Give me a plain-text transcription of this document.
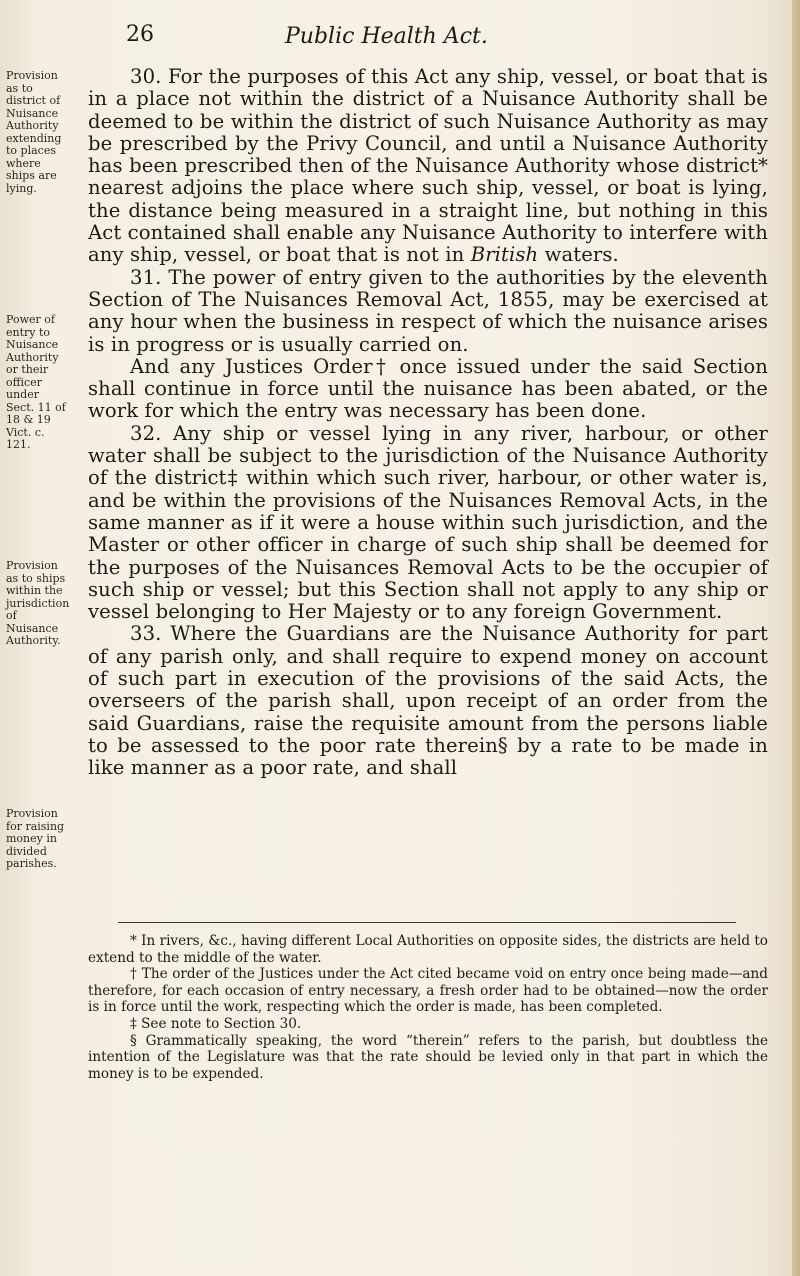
26	Public Health Act.
Provision as to district of Nuisance Authority extending to places where ships are lying.
Power of entry to Nuisance Authority or their officer under Sect. 11 of 18 & 19 Vict. c. 121.
Provision as to ships within the jurisdiction of Nuisance Authority.
Provision for raising money in divided parishes.

30. For the purposes of this Act any ship, vessel, or boat that is in a place not within the district of a Nuisance Authority shall be deemed to be within the district of such Nuisance Authority as may be prescribed by the Privy Council, and until a Nuisance Authority has been prescribed then of the Nuisance Authority whose district* nearest adjoins the place where such ship, vessel, or boat is lying, the distance being measured in a straight line, but nothing in this Act contained shall enable any Nuisance Authority to interfere with any ship, vessel, or boat that is not in British waters.

31. The power of entry given to the authorities by the eleventh Section of The Nuisances Removal Act, 1855, may be exercised at any hour when the business in respect of which the nuisance arises is in progress or is usually carried on.

And any Justices Order† once issued under the said Section shall continue in force until the nuisance has been abated, or the work for which the entry was necessary has been done.

32. Any ship or vessel lying in any river, harbour, or other water shall be subject to the jurisdiction of the Nuisance Authority of the district‡ within which such river, harbour, or other water is, and be within the provisions of the Nuisances Removal Acts, in the same manner as if it were a house within such jurisdiction, and the Master or other officer in charge of such ship shall be deemed for the purposes of the Nuisances Removal Acts to be the occupier of such ship or vessel; but this Section shall not apply to any ship or vessel belonging to Her Majesty or to any foreign Government.

33. Where the Guardians are the Nuisance Authority for part of any parish only, and shall require to expend money on account of such part in execution of the provisions of the said Acts, the overseers of the parish shall, upon receipt of an order from the said Guardians, raise the requisite amount from the persons liable to be assessed to the poor rate therein§ by a rate to be made in like manner as a poor rate, and shall

* In rivers, &c., having different Local Authorities on opposite sides, the districts are held to extend to the middle of the water.

† The order of the Justices under the Act cited became void on entry once being made—and therefore, for each occasion of entry necessary, a fresh order had to be obtained—now the order is in force until the work, respecting which the order is made, has been completed.

‡ See note to Section 30.

§ Grammatically speaking, the word “therein” refers to the parish, but doubtless the intention of the Legislature was that the rate should be levied only in that part in which the money is to be expended.
